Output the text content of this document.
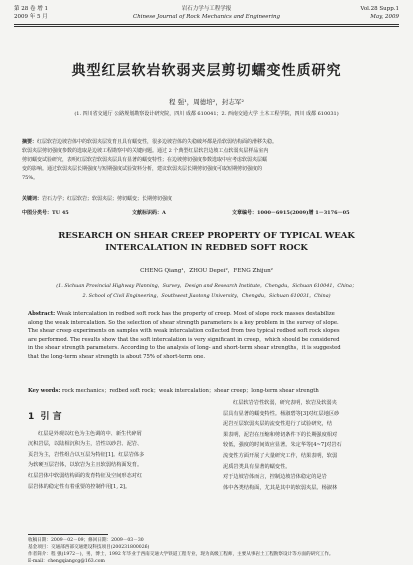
第 28 卷 增 1	岩石力学与工程学报	Vol.28 Supp.1
2009 年 5 月	Chinese Journal of Rock Mechanics and Engineering	May, 2009
典型红层软岩软弱夹层剪切蠕变性质研究
程 强¹，周德培²，封志军²
(1. 四川省交通厅 公路规划勘察设计研究院，四川 成都 610041；2. 西南交通大学 土木工程学院，四川 成都 610031)
摘要：红层软岩边坡岩体中的软弱夹层发育且具有蠕变性，很多边坡岩体的失稳破坏都是沿软弱结构面的滑移失稳。
软弱夹层剪切强度参数的选取是边坡工程勘察中的关键问题。通过 2 个典型红层软岩边坡工点软弱夹层样品室内
剪切蠕变试验研究，表明红层软岩软弱夹层具有显著的蠕变特性；在边坡剪切强度参数选取中应考虑软弱夹层蠕
变的影响。通过软弱夹层长期强度与短期强度试验资料分析，建议软弱夹层长期剪切强度可取短期剪切强度的
75%。
关键词：岩石力学；红层软岩；软弱夹层；剪切蠕变；长期剪切强度
中图分类号：TU 45	文献标识码：A	文章编号：1000－6915(2009)增 1－3176－05
RESEARCH ON SHEAR CREEP PROPERTY OF TYPICAL WEAK
INTERCALATION IN REDBED SOFT ROCK
CHENG Qiang¹，ZHOU Depei²，FENG Zhijun²
(1. Sichuan Provincial Highway Planning，Survey，Design and Research Institute，Chengdu，Sichuan 610041，China；
2. School of Civil Engineering，Southwest Jiaotong University，Chengdu，Sichuan 610031，China)
Abstract: Weak intercalation in redbed soft rock has the property of creep. Most of slope rock masses destabilize
along the weak intercalation. So the selection of shear strength parameters is a key problem in the survey of slope.
The shear creep experiments on samples with weak intercalation collected from two typical redbed soft rock slopes
are performed. The results show that the soft intercalation is very significant in creep，which should be considered
in the shear strength parameters. According to the analysis of long- and short-term shear strengths，it is suggested
that the long-term shear strength is about 75% of short-term one.
Key words: rock mechanics；redbed soft rock；weak intercalation；shear creep；long-term shear strength
1 引 言
红层是外观以红色为主色调的中、新生代碎屑
沉积岩层，以陆相沉积为主，岩性以砂岩、泥岩、
页岩为主，岩性组合以互层为特征[1]。红层岩体多
为软硬互层岩体，以软岩为主且软弱结构面发育。
红层岩体中软弱结构面的发育特征及空间形态对红
层岩体的稳定性有着重要的控制作用[1, 2]。
红层软岩岩性软弱，研究表明，软岩及软弱夹
层具有显著的蠕变特性。杨淑碧等[3]对红层地区砂
泥岩互层软弱夹层的流变性进行了试验研究，结
果表明，泥岩在压缩和剪切条件下的长期强度相对
较低，强度的时间效应显著。朱定华等[4~7]对岩石
流变性方面开展了大量研究工作，结果表明，软弱
泥质岩类具有显著的蠕变性。
对于边坡岩体而言，控制边坡岩体稳定的是岩
体中各类结构面，尤其是其中的软弱夹层。杨淑林
收稿日期：2009－02－09；修回日期：2009－03－30
基金项目：交通部西部交通建设科技项目(200231800026)
作者简介：程 强(1972－)，男，博士，1992 年毕业于西南交通大学铁道工程专业，现为高级工程师，主要从事岩土工程勘察设计等方面的研究工作。
E-mail：chengqiangcg@163.com
